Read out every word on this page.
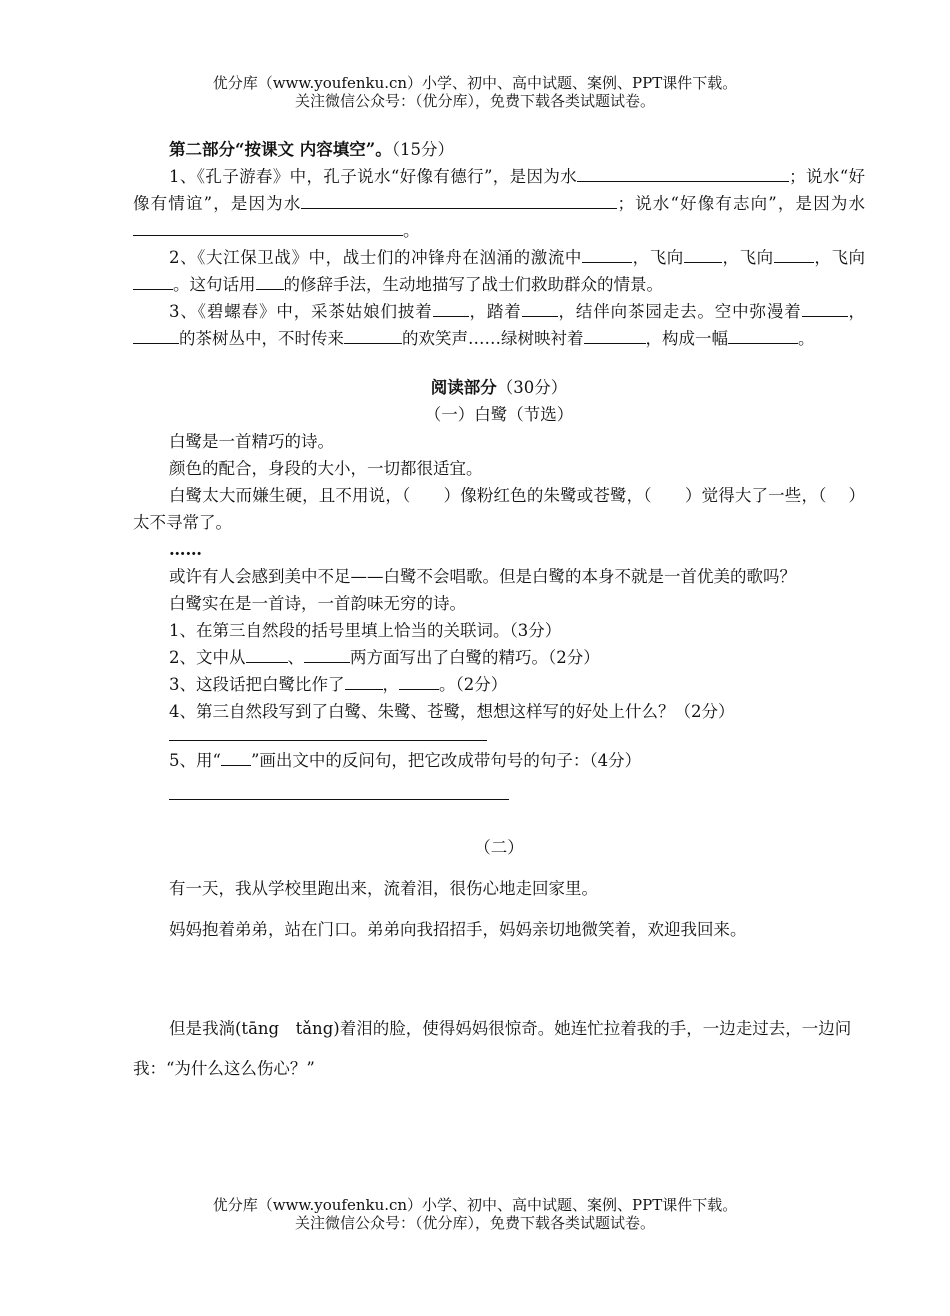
优分库（www.youfenku.cn）小学、初中、高中试题、案例、PPT课件下载。
关注微信公众号：（优分库），免费下载各类试题试卷。

第二部分“按课文 内容填空”。（15分）

1、《孔子游春》中，孔子说水“好像有德行”，是因为水	；说水“好像有情谊”，是因为水	；说水“好像有志向”，是因为水。

2、《大江保卫战》中，战士们的冲锋舟在汹涌的激流中	，飞向 ，飞向 ，飞向。这句话用 的修辞手法，生动地描写了战士们救助群众的情景。

3、《碧螺春》中，采茶姑娘们披着 ，踏着 ，结伴向茶园走去。空中弥漫着	，的茶树丛中，不时传来	的欢笑声……绿树映衬着	，构成一幅	。

阅读部分（30分）

（一）白鹭（节选）

白鹭是一首精巧的诗。

颜色的配合，身段的大小，一切都很适宜。

白鹭太大而嫌生硬，且不用说，（　　）像粉红色的朱鹭或苍鹭，（　　）觉得大了一些，（　 ）太不寻常了。

……

或许有人会感到美中不足——白鹭不会唱歌。但是白鹭的本身不就是一首优美的歌吗？

白鹭实在是一首诗，一首韵味无穷的诗。

1、在第三自然段的括号里填上恰当的关联词。（3分）

2、文中从	、	两方面写出了白鹭的精巧。（2分）

3、这段话把白鹭比作了 ， 。（2分）

4、第三自然段写到了白鹭、朱鹭、苍鹭，想想这样写的好处上什么？（2分）

5、用“ ”画出文中的反问句，把它改成带句号的句子：（4分）

（二）

有一天，我从学校里跑出来，流着泪，很伤心地走回家里。

妈妈抱着弟弟，站在门口。弟弟向我招招手，妈妈亲切地微笑着，欢迎我回来。

但是我淌(tāng　tǎng)着泪的脸，使得妈妈很惊奇。她连忙拉着我的手，一边走过去，一边问我：“为什么这么伤心？”

优分库（www.youfenku.cn）小学、初中、高中试题、案例、PPT课件下载。
关注微信公众号：（优分库），免费下载各类试题试卷。
